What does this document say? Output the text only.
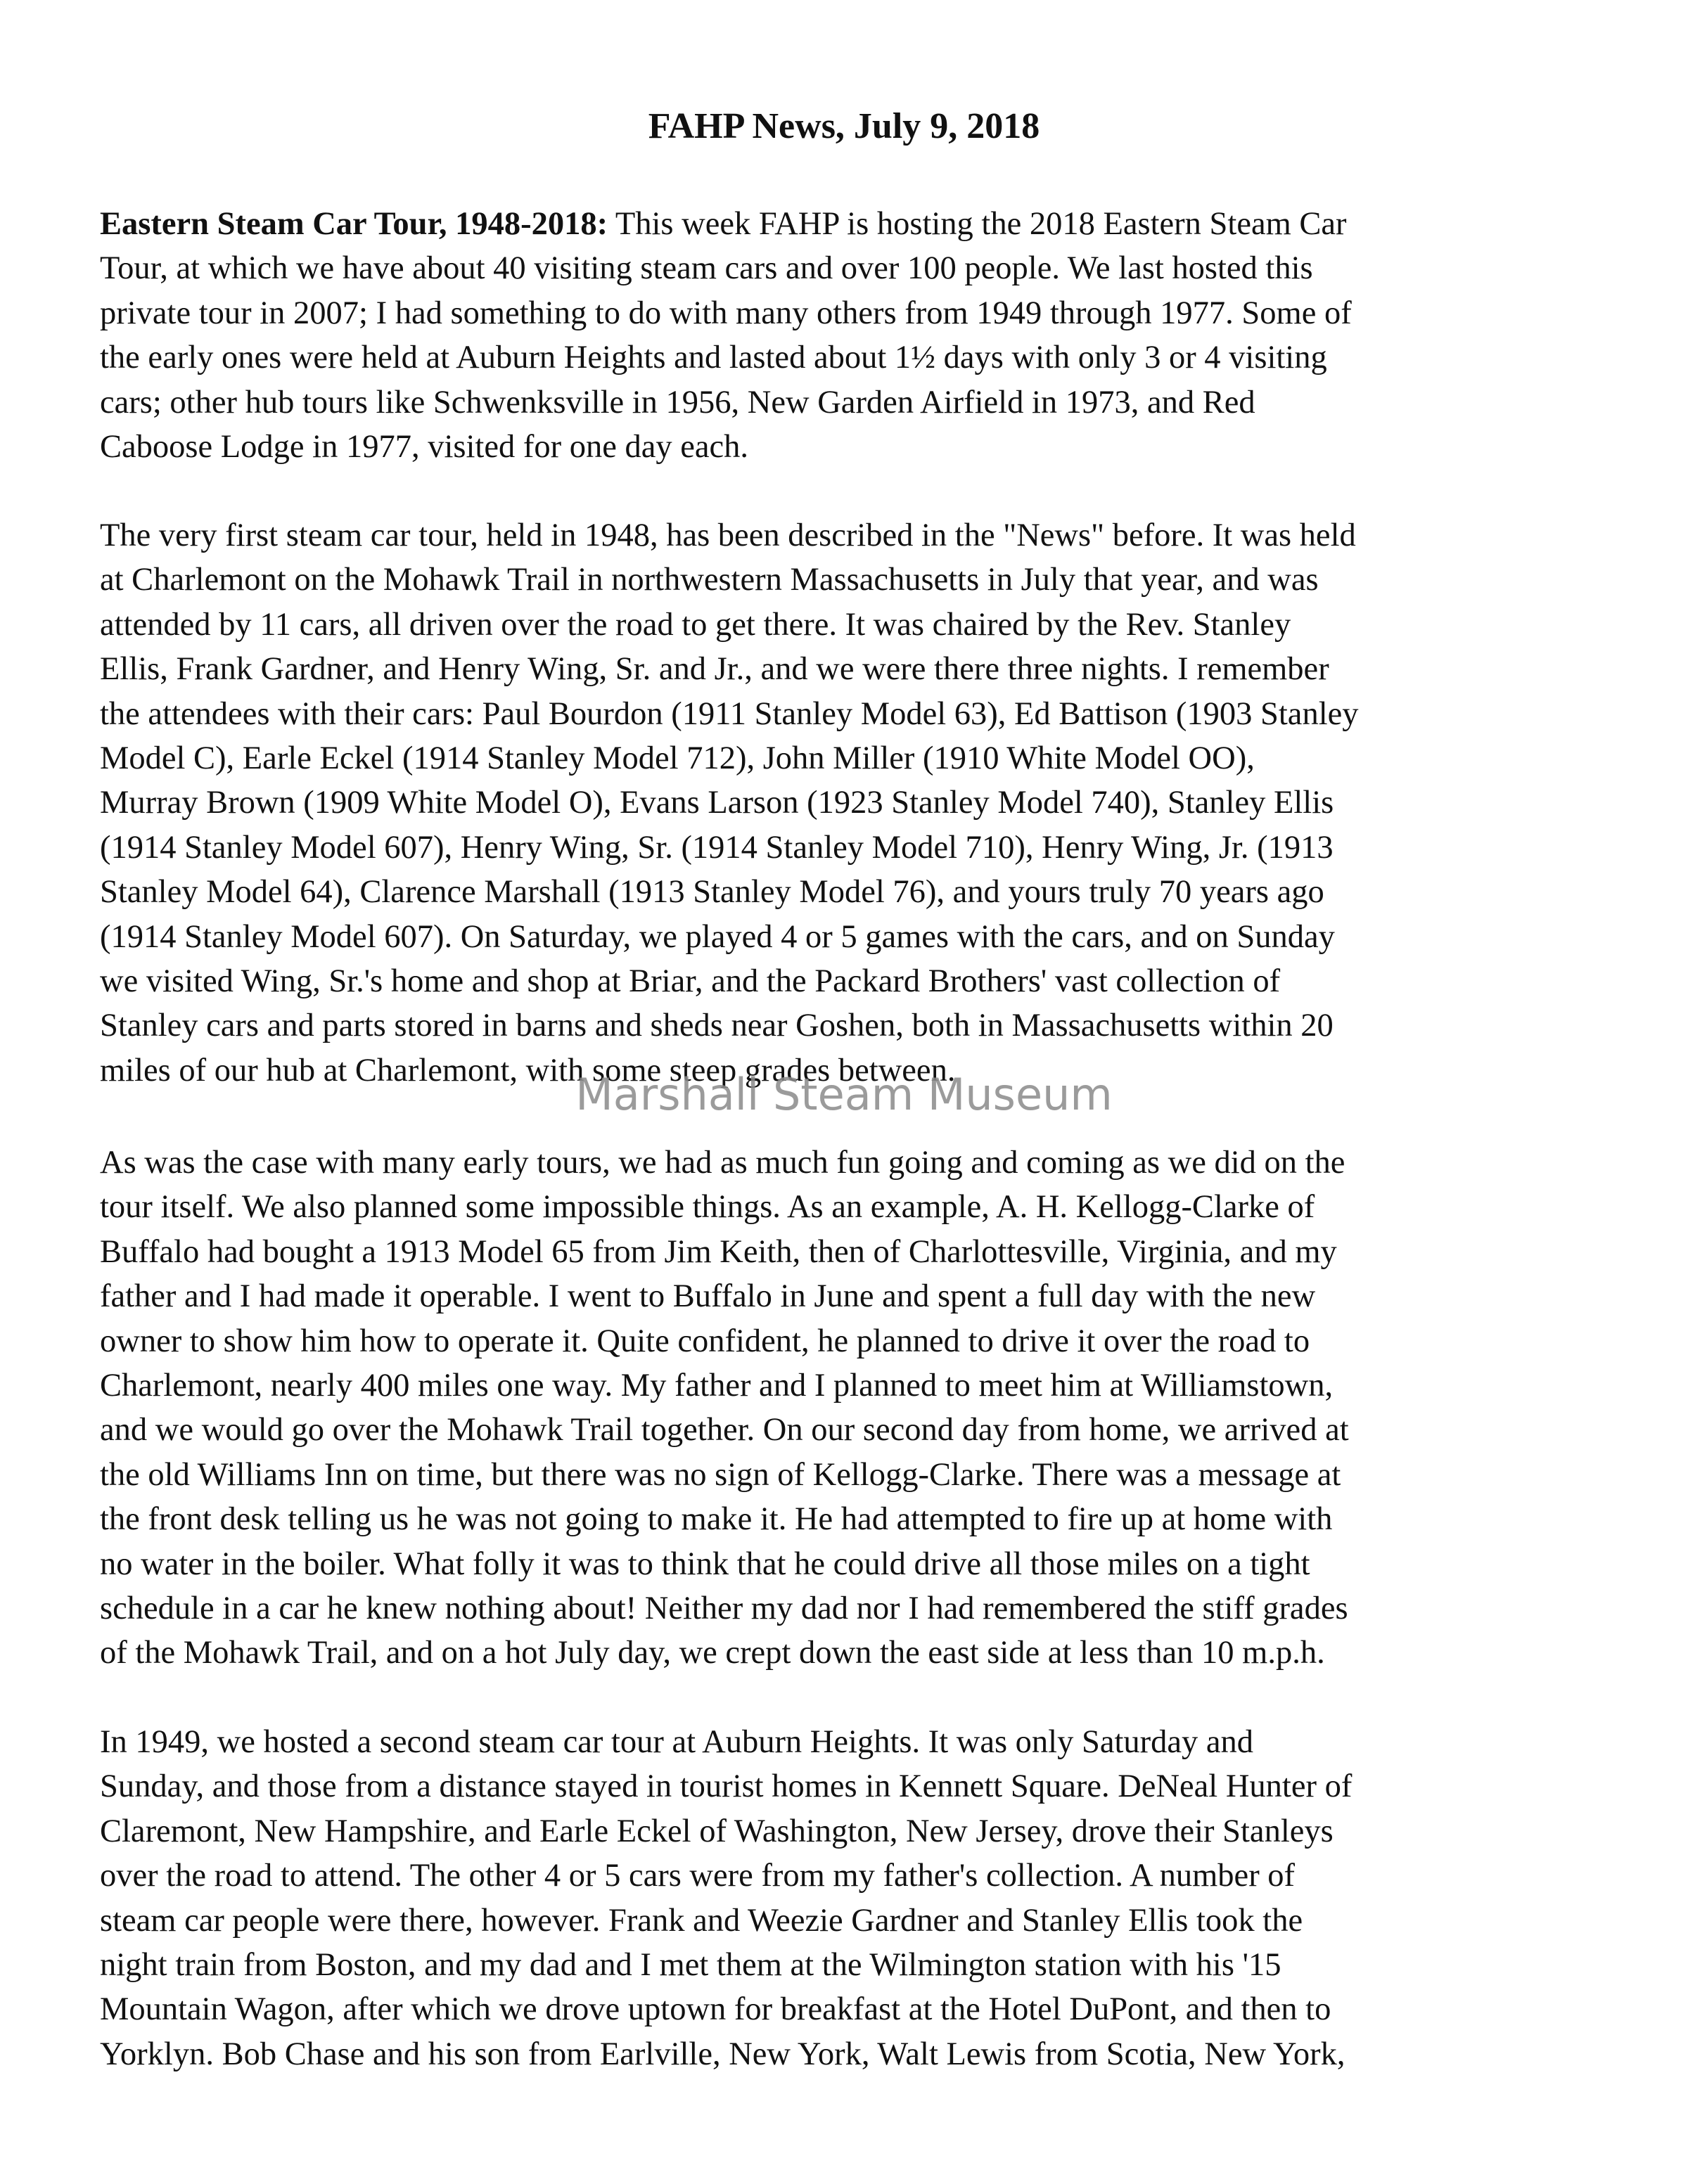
FAHP News, July 9, 2018
Eastern Steam Car Tour, 1948-2018: This week FAHP is hosting the 2018 Eastern Steam Car
Tour, at which we have about 40 visiting steam cars and over 100 people. We last hosted this
private tour in 2007; I had something to do with many others from 1949 through 1977. Some of
the early ones were held at Auburn Heights and lasted about 1½ days with only 3 or 4 visiting
cars; other hub tours like Schwenksville in 1956, New Garden Airfield in 1973, and Red
Caboose Lodge in 1977, visited for one day each.
The very first steam car tour, held in 1948, has been described in the "News" before. It was held
at Charlemont on the Mohawk Trail in northwestern Massachusetts in July that year, and was
attended by 11 cars, all driven over the road to get there. It was chaired by the Rev. Stanley
Ellis, Frank Gardner, and Henry Wing, Sr. and Jr., and we were there three nights. I remember
the attendees with their cars: Paul Bourdon (1911 Stanley Model 63), Ed Battison (1903 Stanley
Model C), Earle Eckel (1914 Stanley Model 712), John Miller (1910 White Model OO),
Murray Brown (1909 White Model O), Evans Larson (1923 Stanley Model 740), Stanley Ellis
(1914 Stanley Model 607), Henry Wing, Sr. (1914 Stanley Model 710), Henry Wing, Jr. (1913
Stanley Model 64), Clarence Marshall (1913 Stanley Model 76), and yours truly 70 years ago
(1914 Stanley Model 607). On Saturday, we played 4 or 5 games with the cars, and on Sunday
we visited Wing, Sr.'s home and shop at Briar, and the Packard Brothers' vast collection of
Stanley cars and parts stored in barns and sheds near Goshen, both in Massachusetts within 20
miles of our hub at Charlemont, with some steep grades between.
Marshall Steam Museum
As was the case with many early tours, we had as much fun going and coming as we did on the
tour itself. We also planned some impossible things. As an example, A. H. Kellogg-Clarke of
Buffalo had bought a 1913 Model 65 from Jim Keith, then of Charlottesville, Virginia, and my
father and I had made it operable. I went to Buffalo in June and spent a full day with the new
owner to show him how to operate it. Quite confident, he planned to drive it over the road to
Charlemont, nearly 400 miles one way. My father and I planned to meet him at Williamstown,
and we would go over the Mohawk Trail together. On our second day from home, we arrived at
the old Williams Inn on time, but there was no sign of Kellogg-Clarke. There was a message at
the front desk telling us he was not going to make it. He had attempted to fire up at home with
no water in the boiler. What folly it was to think that he could drive all those miles on a tight
schedule in a car he knew nothing about! Neither my dad nor I had remembered the stiff grades
of the Mohawk Trail, and on a hot July day, we crept down the east side at less than 10 m.p.h.
In 1949, we hosted a second steam car tour at Auburn Heights. It was only Saturday and
Sunday, and those from a distance stayed in tourist homes in Kennett Square. DeNeal Hunter of
Claremont, New Hampshire, and Earle Eckel of Washington, New Jersey, drove their Stanleys
over the road to attend. The other 4 or 5 cars were from my father's collection. A number of
steam car people were there, however. Frank and Weezie Gardner and Stanley Ellis took the
night train from Boston, and my dad and I met them at the Wilmington station with his '15
Mountain Wagon, after which we drove uptown for breakfast at the Hotel DuPont, and then to
Yorklyn. Bob Chase and his son from Earlville, New York, Walt Lewis from Scotia, New York,
